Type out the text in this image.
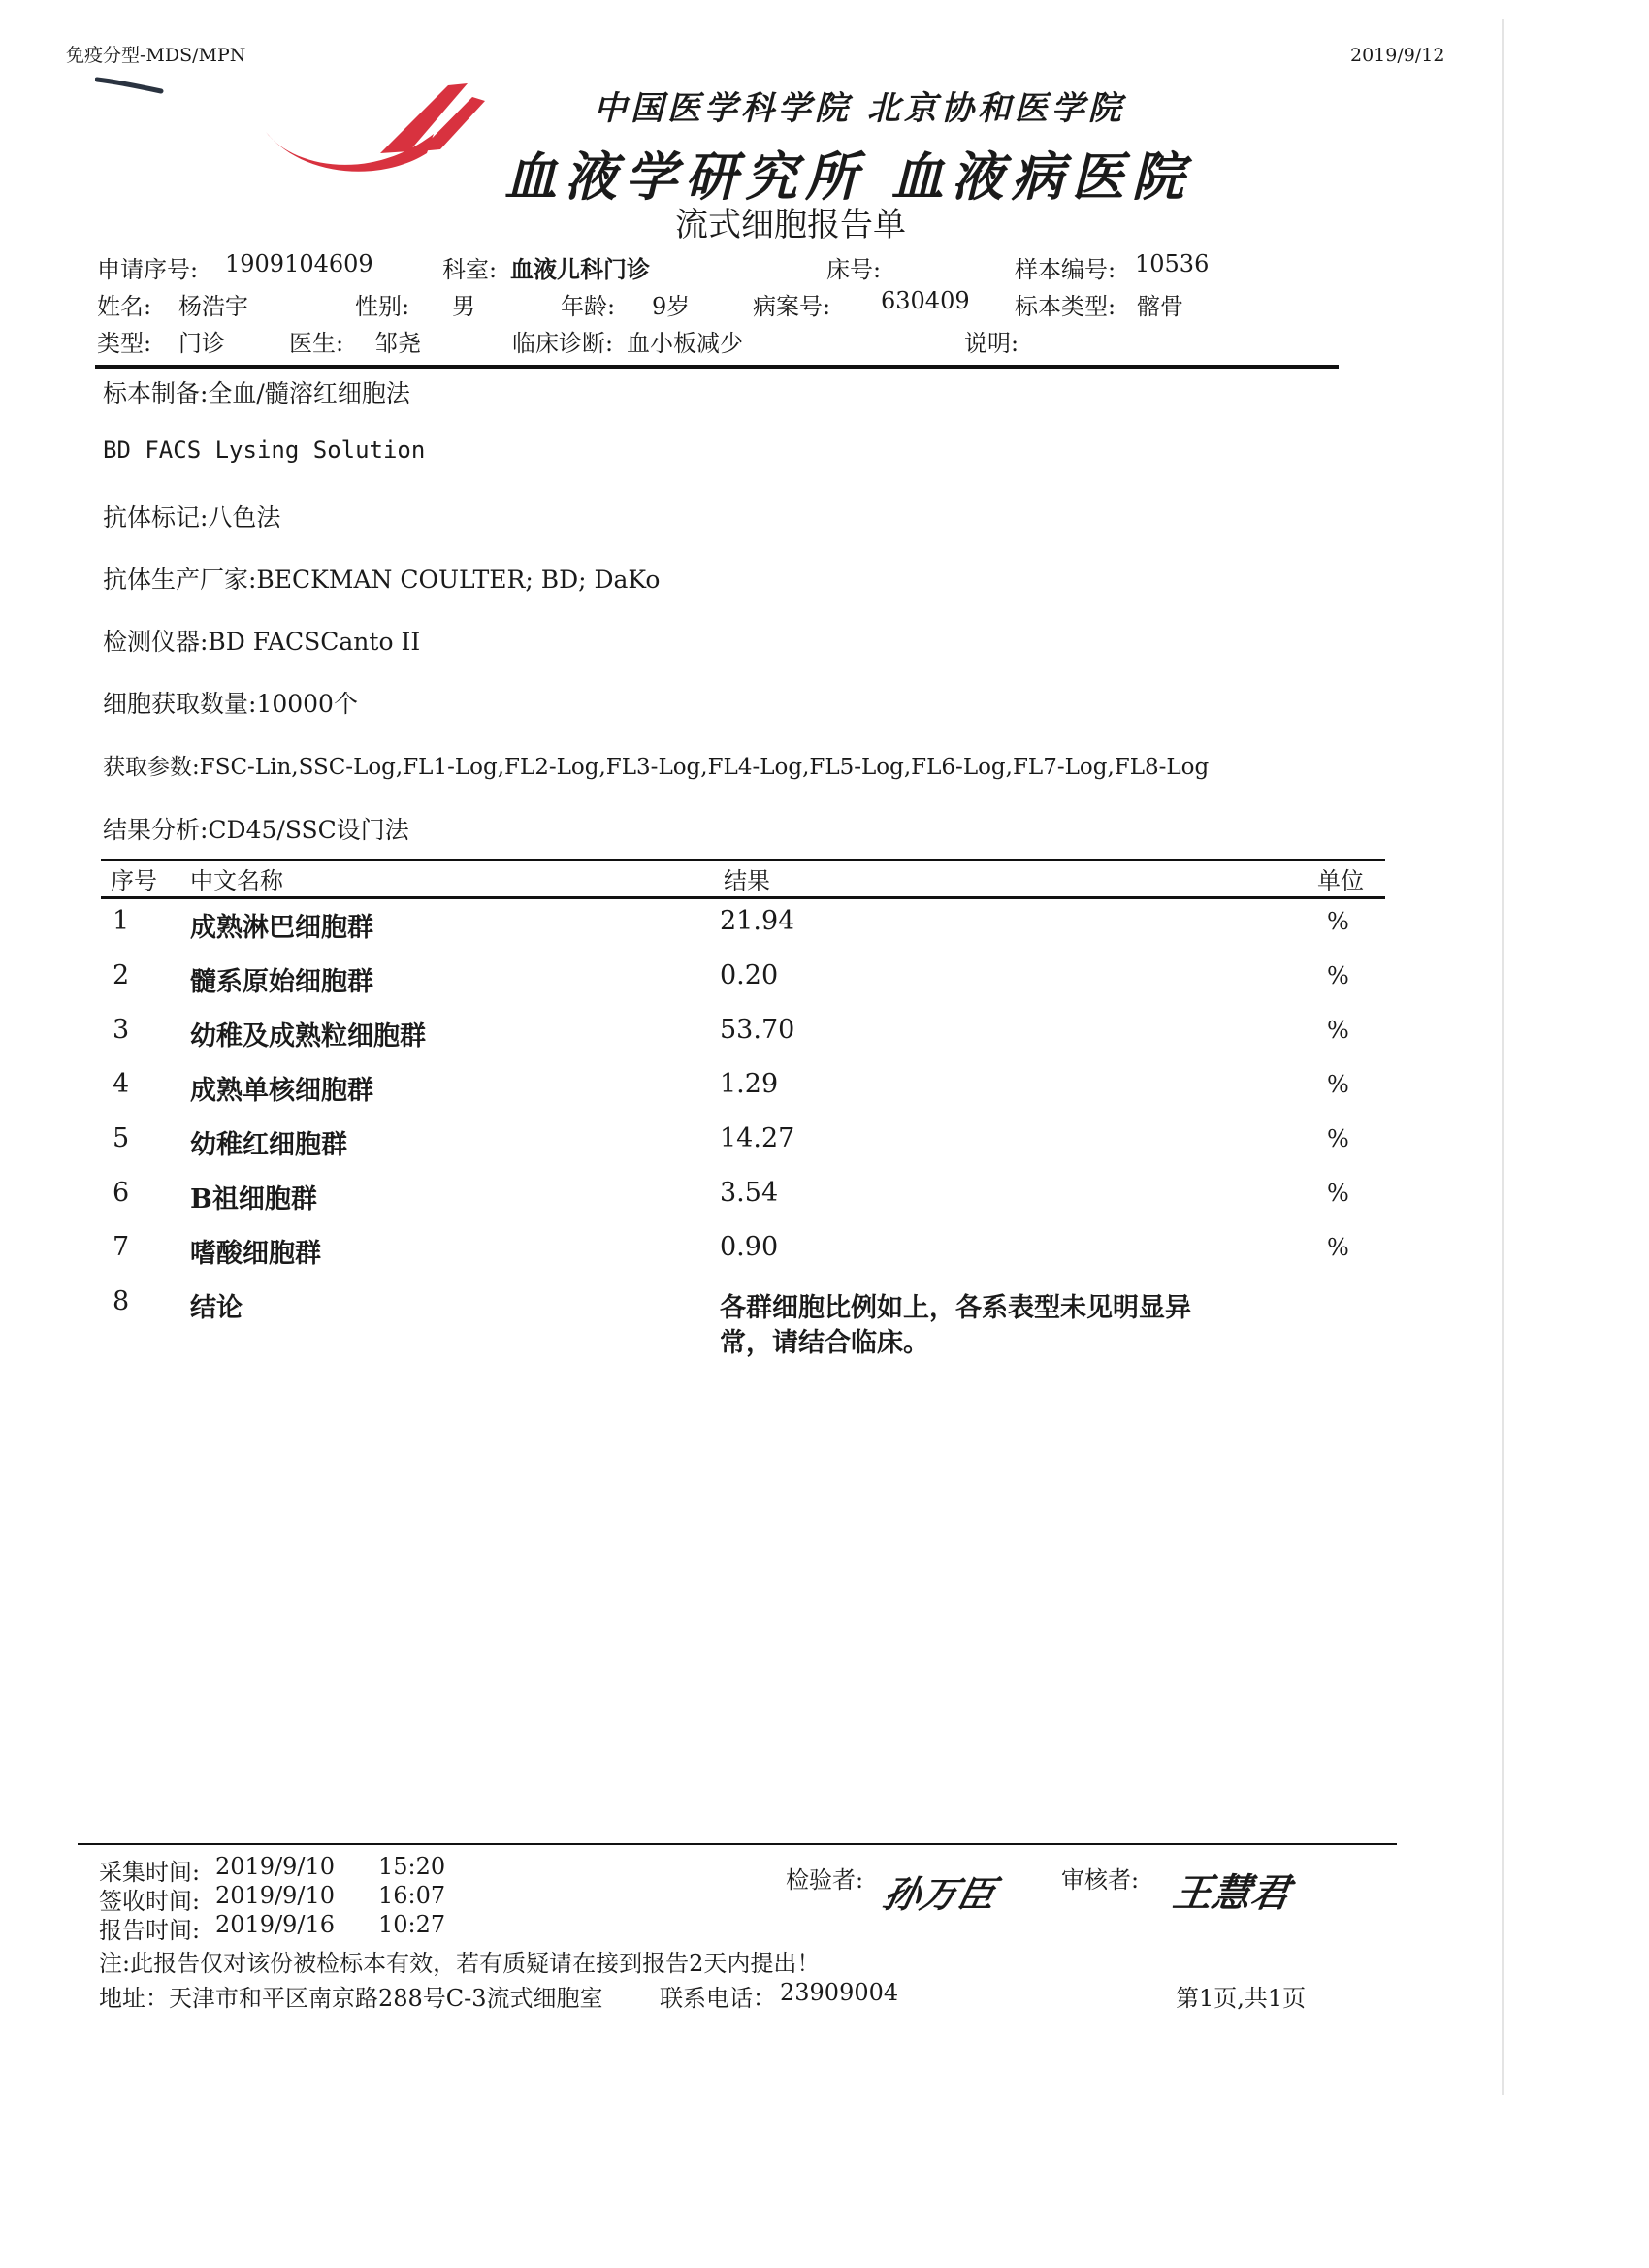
免疫分型-MDS/MPN	2019/9/12
中国医学科学院 北京协和医学院
血液学研究所 血液病医院
流式细胞报告单
申请序号: 1909104609	科室: 血液儿科门诊	床号:	样本编号: 10536
姓名: 杨浩宇	性别: 男	年龄: 9岁	病案号: 630409 标本类型: 髂骨
类型: 门诊	医生: 邹尧	临床诊断: 血小板减少	说明:
标本制备:全血/髓溶红细胞法
BD FACS Lysing Solution
抗体标记:八色法
抗体生产厂家:BECKMAN COULTER; BD; DaKo
检测仪器:BD FACSCanto II
细胞获取数量:10000个
获取参数:FSC-Lin,SSC-Log,FL1-Log,FL2-Log,FL3-Log,FL4-Log,FL5-Log,FL6-Log,FL7-Log,FL8-Log
结果分析:CD45/SSC设门法
序号 中文名称	结果	单位
1 成熟淋巴细胞群	21.94	%
2 髓系原始细胞群	0.20	%
3 幼稚及成熟粒细胞群	53.70	%
4 成熟单核细胞群	1.29	%
5 幼稚红细胞群	14.27	%
6 B祖细胞群	3.54	%
7 嗜酸细胞群	0.90	%
8 结论	各群细胞比例如上，各系表型未见明显异
常，请结合临床。
采集时间: 2019/9/10 15:20
签收时间: 2019/9/10 16:07
报告时间: 2019/9/16 10:27
检验者: 孙万臣	审核者: 王慧君
注:此报告仅对该份被检标本有效，若有质疑请在接到报告2天内提出！
地址：天津市和平区南京路288号C-3流式细胞室 联系电话： 23909004	第1页,共1页
